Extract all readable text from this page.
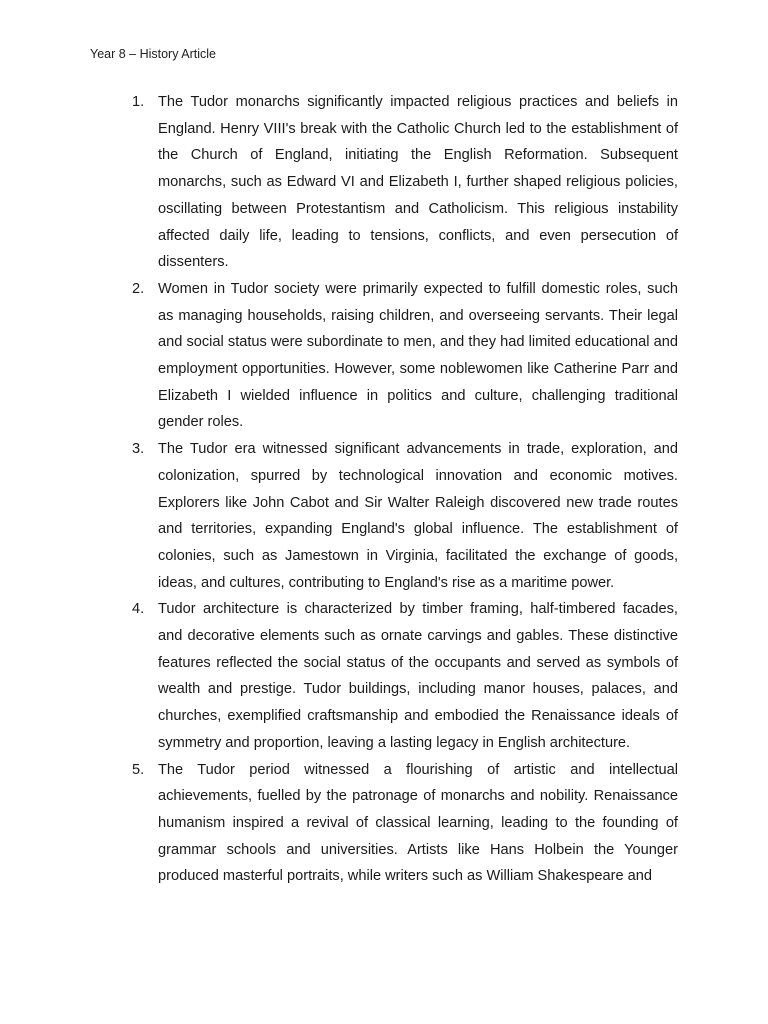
Year 8 – History Article
1. The Tudor monarchs significantly impacted religious practices and beliefs in England. Henry VIII's break with the Catholic Church led to the establishment of the Church of England, initiating the English Reformation. Subsequent monarchs, such as Edward VI and Elizabeth I, further shaped religious policies, oscillating between Protestantism and Catholicism. This religious instability affected daily life, leading to tensions, conflicts, and even persecution of dissenters.
2. Women in Tudor society were primarily expected to fulfill domestic roles, such as managing households, raising children, and overseeing servants. Their legal and social status were subordinate to men, and they had limited educational and employment opportunities. However, some noblewomen like Catherine Parr and Elizabeth I wielded influence in politics and culture, challenging traditional gender roles.
3. The Tudor era witnessed significant advancements in trade, exploration, and colonization, spurred by technological innovation and economic motives. Explorers like John Cabot and Sir Walter Raleigh discovered new trade routes and territories, expanding England's global influence. The establishment of colonies, such as Jamestown in Virginia, facilitated the exchange of goods, ideas, and cultures, contributing to England's rise as a maritime power.
4. Tudor architecture is characterized by timber framing, half-timbered facades, and decorative elements such as ornate carvings and gables. These distinctive features reflected the social status of the occupants and served as symbols of wealth and prestige. Tudor buildings, including manor houses, palaces, and churches, exemplified craftsmanship and embodied the Renaissance ideals of symmetry and proportion, leaving a lasting legacy in English architecture.
5. The Tudor period witnessed a flourishing of artistic and intellectual achievements, fuelled by the patronage of monarchs and nobility. Renaissance humanism inspired a revival of classical learning, leading to the founding of grammar schools and universities. Artists like Hans Holbein the Younger produced masterful portraits, while writers such as William Shakespeare and
